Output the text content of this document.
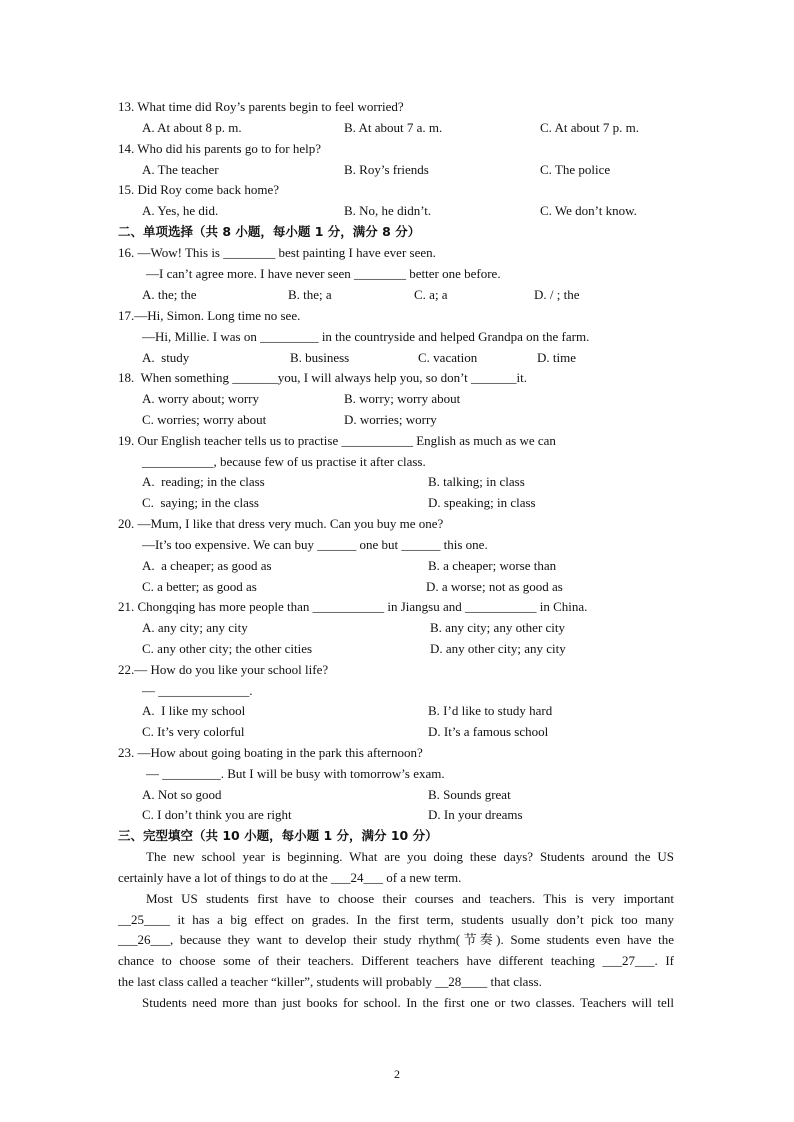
13. What time did Roy’s parents begin to feel worried?
A. At about 8 p. m.	B. At about 7 a. m.	C. At about 7 p. m.
14. Who did his parents go to for help?
A. The teacher	B. Roy’s friends	C. The police
15. Did Roy come back home?
A. Yes, he did.	B. No, he didn’t.	C. We don’t know.
二、单项选择（共 8 小题，每小题 1 分，满分 8 分）
16. —Wow! This is ________ best painting I have ever seen.
—I can’t agree more. I have never seen ________ better one before.
A. the; the	B. the; a	C. a; a	D. / ; the
17.—Hi, Simon. Long time no see.
—Hi, Millie. I was on _________ in the countryside and helped Grandpa on the farm.
A.  study	B. business	C. vacation	D. time
18.  When something _______you, I will always help you, so don’t _______it.
A. worry about; worry	B. worry; worry about
C. worries; worry about	D. worries; worry
19. Our English teacher tells us to practise ___________ English as much as we can
___________, because few of us practise it after class.
A.  reading; in the class	B. talking; in class
C.  saying; in the class	D. speaking; in class
20. —Mum, I like that dress very much. Can you buy me one?
—It’s too expensive. We can buy ______ one but ______ this one.
A.  a cheaper; as good as	B. a cheaper; worse than
C. a better; as good as	D. a worse; not as good as
21. Chongqing has more people than ___________ in Jiangsu and ___________ in China.
A. any city; any city	B. any city; any other city
C. any other city; the other cities	D. any other city; any city
22.— How do you like your school life?
— ______________.
A.  I like my school	B. I’d like to study hard
C. It’s very colorful	D. It’s a famous school
23. —How about going boating in the park this afternoon?
— _________. But I will be busy with tomorrow’s exam.
A. Not so good	B. Sounds great
C. I don’t think you are right	D. In your dreams
三、完型填空（共 10 小题，每小题 1 分，满分 10 分）
The new school year is beginning. What are you doing these days? Students around the US
certainly have a lot of things to do at the ___24___ of a new term.
Most US students first have to choose their courses and teachers. This is very important
__25____ it has a big effect on grades. In the first term, students usually don’t pick too many
___26___, because they want to develop their study rhythm(节奏). Some students even have the
chance to choose some of their teachers. Different teachers have different teaching ___27___. If
the last class called a teacher “killer”, students will probably __28____ that class.
Students need more than just books for school. In the first one or two classes. Teachers will tell
2
